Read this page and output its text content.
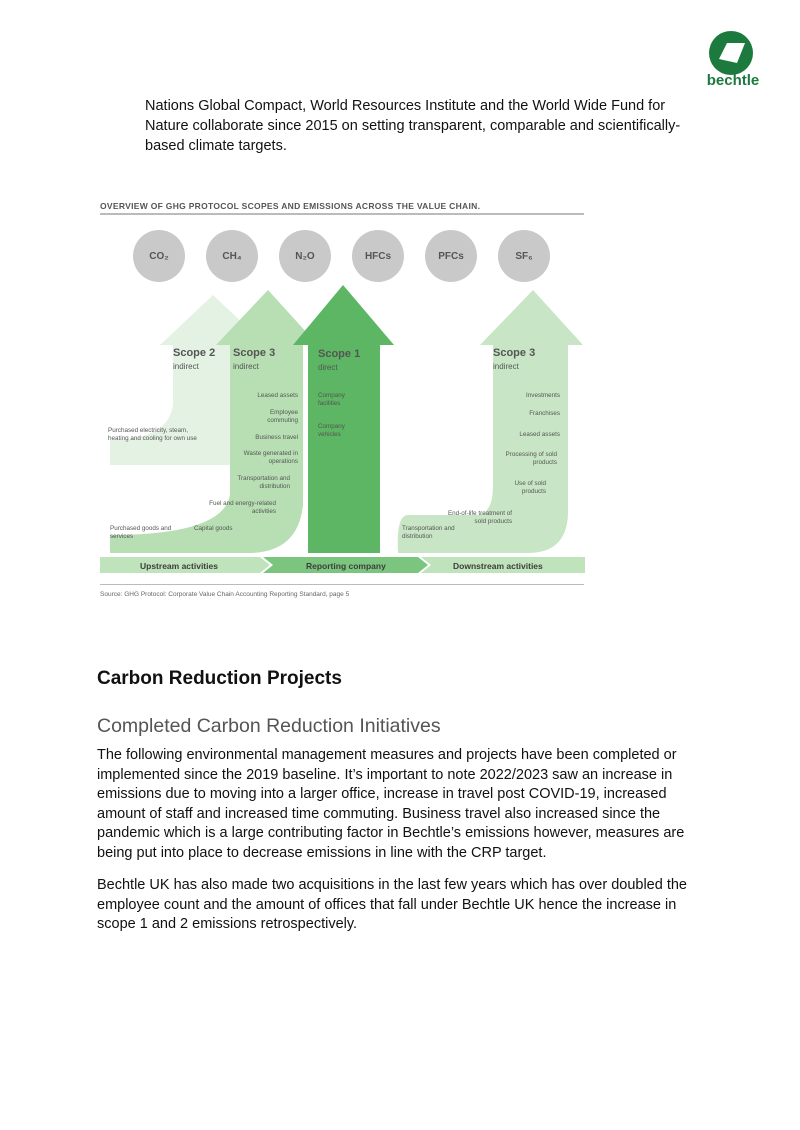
bechtle
Nations Global Compact, World Resources Institute and the World Wide Fund for Nature collaborate since 2015 on setting transparent, comparable and scientifically-based climate targets.
OVERVIEW OF GHG PROTOCOL SCOPES AND EMISSIONS ACROSS THE VALUE CHAIN.
CO₂	CH₄	N₂O	HFCs	PFCs	SF₆
Scope 2
indirect
Scope 3
indirect
Scope 1
direct
Scope 3
indirect
Purchased electricity, steam, heating and cooling for own use
Leased assets
Employee commuting
Business travel
Waste generated in operations
Transportation and distribution
Fuel and energy-related activities
Purchased goods and services
Capital goods
Company facilities
Company vehicles
Investments
Franchises
Leased assets
Processing of sold products
Use of sold products
End-of-life treatment of sold products
Transportation and distribution
Upstream activities	Reporting company	Downstream activities
Source: GHG Protocol: Corporate Value Chain Accounting Reporting Standard, page 5
Carbon Reduction Projects
Completed Carbon Reduction Initiatives
The following environmental management measures and projects have been completed or implemented since the 2019 baseline. It’s important to note 2022/2023 saw an increase in emissions due to moving into a larger office, increase in travel post COVID-19, increased amount of staff and increased time commuting. Business travel also increased since the pandemic which is a large contributing factor in Bechtle’s emissions however, measures are being put into place to decrease emissions in line with the CRP target.
Bechtle UK has also made two acquisitions in the last few years which has over doubled the employee count and the amount of offices that fall under Bechtle UK hence the increase in scope 1 and 2 emissions retrospectively.
